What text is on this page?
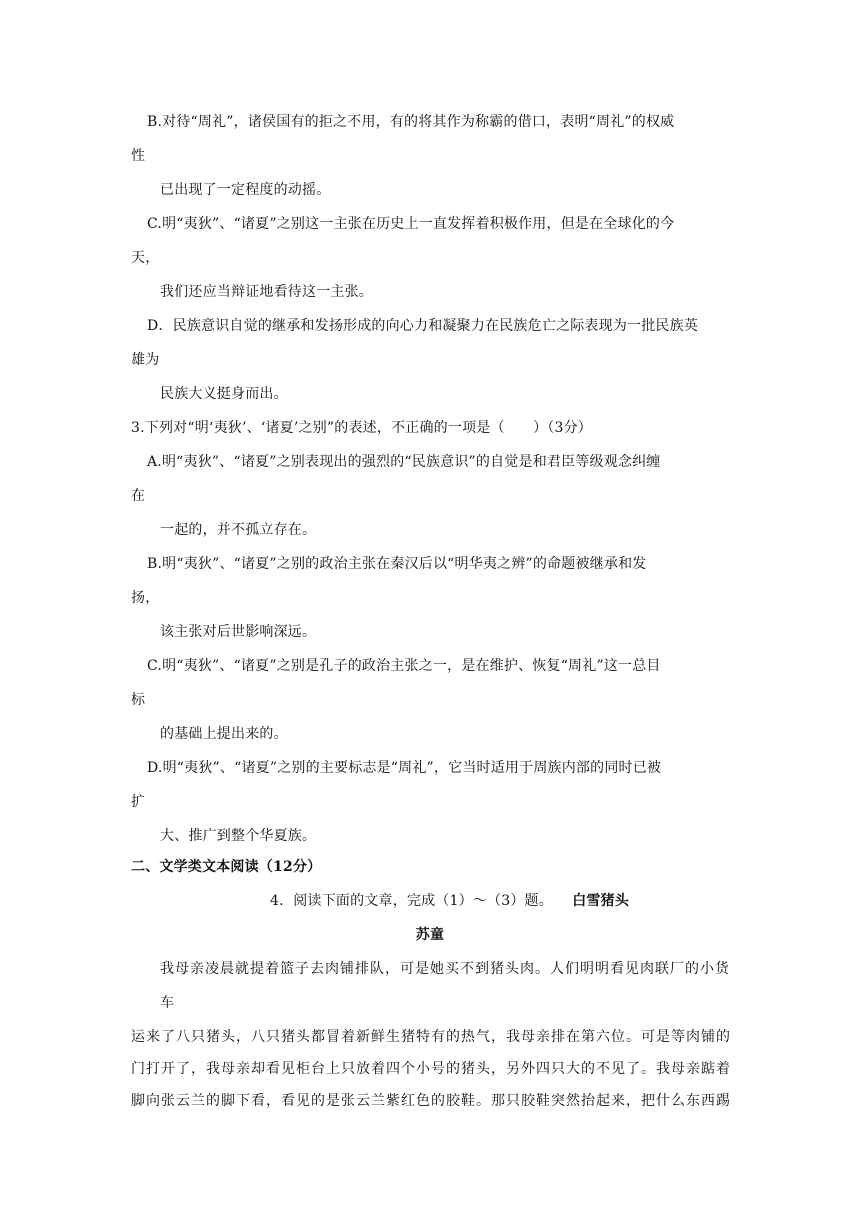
B.对待“周礼”，诸侯国有的拒之不用，有的将其作为称霸的借口，表明“周礼”的权威
性
已出现了一定程度的动摇。
C.明“夷狄”、“诸夏”之别这一主张在历史上一直发挥着积极作用，但是在全球化的今
天，
我们还应当辩证地看待这一主张。
D．民族意识自觉的继承和发扬形成的向心力和凝聚力在民族危亡之际表现为一批民族英
雄为
民族大义挺身而出。
3.下列对“明‘夷狄’、‘诸夏’之别”的表述，不正确的一项是（　　）（3分）
A.明“夷狄”、“诸夏”之别表现出的强烈的“民族意识”的自觉是和君臣等级观念纠缠
在
一起的，并不孤立存在。
B.明“夷狄”、“诸夏”之别的政治主张在秦汉后以“明华夷之辨”的命题被继承和发
扬，
该主张对后世影响深远。
C.明“夷狄”、“诸夏”之别是孔子的政治主张之一，是在维护、恢复“周礼”这一总目
标
的基础上提出来的。
D.明“夷狄”、“诸夏”之别的主要标志是“周礼”，它当时适用于周族内部的同时已被
扩
大、推广到整个华夏族。
二、文学类文本阅读（12分）
4．阅读下面的文章，完成（1）～（3）题。 白雪猪头
苏童
我母亲凌晨就提着篮子去肉铺排队，可是她买不到猪头肉。人们明明看见肉联厂的小货
车
运来了八只猪头，八只猪头都冒着新鲜生猪特有的热气，我母亲排在第六位。可是等肉铺的
门打开了，我母亲却看见柜台上只放着四个小号的猪头，另外四只大的不见了。我母亲踮着
脚向张云兰的脚下看，看见的是张云兰紫红色的胶鞋。那只胶鞋突然抬起来，把什么东西踢
